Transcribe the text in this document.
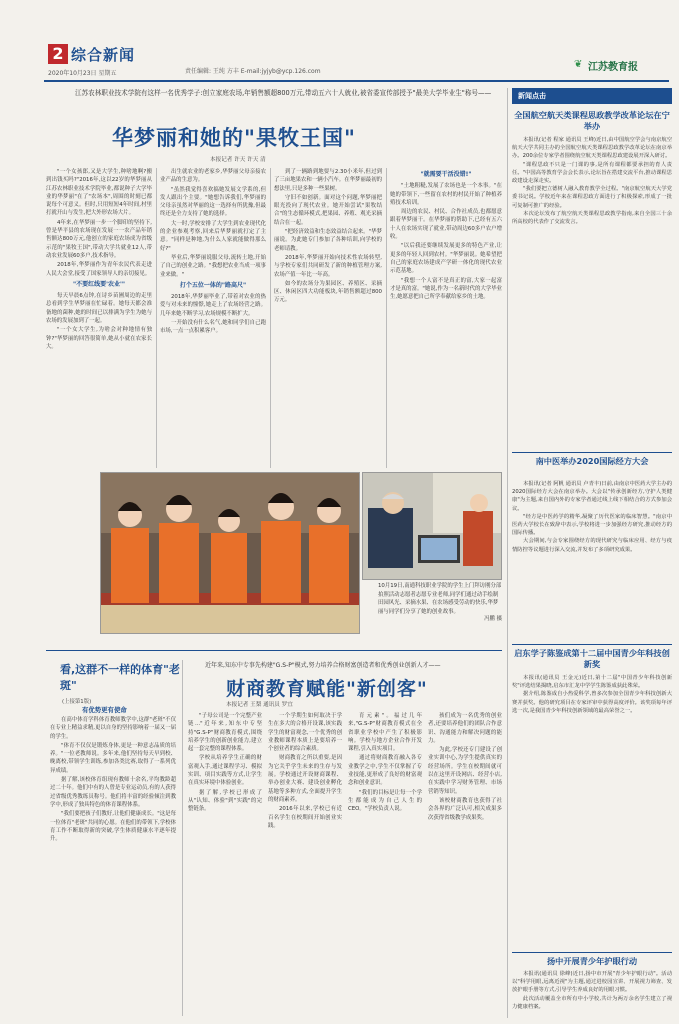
2 综合新闻
2020年10月23日 星期五	责任编辑: 王纯 方丰 E-mail:jyjyb@ycp.126.com
❦ 江苏教育报
江苏农林职业技术学院有这样一名优秀学子:创立家庭农场,年销售额超800万元,带动五六十人就业,被省委宣传部授予"最美大学毕业生"称号——
华梦丽和她的"果牧王国"
本报记者 许天 许天 清

"一个女孩郎,又是大学生,种啥地啊?搬到出钱买吗?"2016年,这以22岁的华梦丽从江苏农林职业技术学院毕业,都说种子大学毕业的华梦丽"在了"农场本",周围的时刻已都说每个可意义。但时,只用短短4年时间,村里打就开山与发生,把大外形农场大片。

4年来,在华梦丽一步一个脚印的坚持下,曾是华平县的农场现在发展一一农产品年销售额达800万元,他创立的家庭农场成为省级示范的"果牧王国",带动大学共就业12人,带动农业发展60多户,技术指导。

2018年,华梦丽作为青年农民代表走进人民大会堂,接受了国家领导人的亲切接见。

"不要红线要'农业'"

每天早晨6点钟,在诗乡苗圃周边的走里总看到学生华梦丽在忙碌着。她每天都会准备地的菌种,她的时间已以排满为学生为她与农场的发展加到了一起。

"一个女大学生,为啥会对种地情有独钟?"华梦丽的回答很简单,她从小就在农家长大。

出生就农业的老家乡,华梦丽父母亲接农业产品的生意为。

"虽然我觉得喜欢搞她发展文学系的,但发人跟出个主要。"她想告诉我们,华梦丽的父母亲虽然对华丽的这一选择有所犹豫,但最终还是全力支持了她的选择。

大一时,学校安排了大学生到农业现代化的企业参观考察,回来后华梦丽就打定了主意。"同样是种地,为什么人家就能做得那么好?"

毕业后,华梦丽说服父母,流转土地,开始了自己的创业之路。"我想把农业当成一项事业来做。"

打个五位一体的"路高尺"

2018年,华梦丽毕业了,带着对农业的热爱与对未来的憧憬,她走上了农场经营之路。几年来她不断学习,农场规模不断扩大。

一开始没有什么名气,她和同学们自己跑市场,一点一点积累客户。

到了一辆路到地要与2.30小米年,但过到了三亩地果农和一辆小汽车。在华梦丽最初的想法里,只是多种一些果树。

守旧不如创新。面对这个问题,华梦丽把眼光投向了现代农业。她开始尝试"果牧结合"的生态循环模式,把果园、养殖、观光采摘结合在一起。

"把经济效益和生态效益结合起来。"华梦丽说。为此她专门参加了各种培训,向学校的老师请教。

2018年,华梦丽开始向技术性农场转型,与学校专家们共同研发了新的种植管理方案,农场产值一年比一年高。

如今的农场分为果园区、养殖区、采摘区、休闲区四大功能板块,年销售额超过800万元。

"就需要干活没错!"

"土地粗糙,发展了农场也是一个本事。"在她的带领下,一些留在农村的村民开始了种植养殖技术培训。

周边的农民、村民、合作社成员,也都愿意跟着华梦丽干。在华梦丽的帮助下,已经有五六十人在农场实现了就业,带动周边60多户农户增收。

"以后我还要继续发展更多的特色产业,让更多的年轻人回到农村。"华梦丽说。她希望把自己的家庭农场建成产学研一体化的现代农业示范基地。

"我想一个人富不是真正的富,大家一起富才是真的富。"她说,作为一名新时代的大学毕业生,她愿意把自己所学奉献给家乡的土地。

10月19日,南通科技职业学院的学生上门拜访刚分部拍照活动志愿者志愿专业老师,同学们通过动手绘制田园风光、采摘水果、在农场感受劳动的快乐,华梦丽与同学们分享了她的创业故事。
冯鹏 摄
看,这群不一样的体育"老斑"
(上接第1版)
有优势更有使命

在高中体育学科体育教师教学中,这群"老斑"不仅在专业上精益求精,更以自身的坚持影响着一届又一届的学生。

"体育不仅仅是锻炼身体,更是一种意志品质的培养。"一位老教师说。多年来,他们坚持每天早到校、晚离校,带领学生训练,参加各类比赛,取得了一系列优异成绩。

据了解,该校体育组现有教师十余名,平均教龄超过二十年。他们中有的人曾是专业运动员,有的人获得过省级优秀教练员称号。他们将丰富的经验倾注到教学中,形成了独具特色的体育课程体系。

"我们要把孩子们教好,让他们健康成长。"这是每一位体育"老斑"共同的心愿。在他们的带领下,学校体育工作不断取得新的突破,学生体质健康水平逐年提升。

近年来,知东中专事先构建"G.S-P"模式,努力培养合格财富创造者和优秀创业创新人才——
财商教育赋能"新创客"
本报记者 王梨 通讯员 罗宜

"子母公司是一个完整产业链..."近年来,知东中专坚持"G.S-P"财商教育模式,围绕培养学生的创新创业能力,建立起一套完整的课程体系。

学校从培养学生正确的财富观入手,通过课程学习、模拟实训、项目实践等方式,让学生在真实环境中体验创业。

据了解,学校已形成了从"认知、体验"到"实践"的完整链条。

一个学期生如何取决于学生在多大的合格开设课,该实践学生的财富观念,一个优秀的创业教师课程本质上是要培养一个创业者的综合素质。

财商教育之所以重要,是因为它关乎学生未来的生存与发展。学校通过开设财商课程、举办创业大赛、建设创业孵化基地等多种方式,全面提升学生的财商素养。

2016年以来,学校已有近百名学生在校期间开始创业实践。

育元素"。福过几年来,"G.S-P"财商教育模式在全省职业学校中产生了积极影响。学校与地方企业合作开发课程,引入真实项目。

通过将财商教育融入各专业教学之中,学生不仅掌握了专业技能,更形成了良好的财富观念和创业意识。

"我们的目标是让每一个学生都能成为自己人生的CEO。"学校负责人说。

孩们成为一名优秀的创业者,还要培养他们的团队合作意识、沟通能力和解决问题的能力。

为此,学校还专门建设了创业实训中心,为学生提供真实的经营场所。学生在校期间就可以在这里开设网店、经营小店,在实践中学习财务管理、市场营销等知识。

该校财商教育也获得了社会各界的广泛认可,相关成果多次获得省级教学成果奖。

新闻点击
全国航空航天类课程思政教学改革论坛在宁举办

本报讯(记者 程家 通讯员 王峰)近日,由中国航空学会与南京航空航天大学共同主办的全国航空航天类课程思政教学改革论坛在南京举办。200余位专家学者围绕航空航天类课程思政建设展开深入研讨。

"课程思政不只是一门课的事,是所有课程都要承担的育人责任。"中国高等教育学会会长表示,论坛旨在搭建交流平台,推动课程思政建设走深走实。

"我们要把立德树人融入教育教学全过程。"南京航空航天大学党委书记说。学校近年来在课程思政方面进行了积极探索,形成了一批可复制可推广的经验。

本次论坛发布了航空航天类课程思政教学指南,来自全国三十余所高校的代表作了交流发言。

南中医举办2020国际经方大会

本报讯(记者 阿帆 通讯员 卢青丰)日前,由南京中医药大学主办的2020国际经方大会在南京举办。大会以"传承创新经方,守护人类健康"为主题,来自国内外的专家学者通过线上线下相结合的方式参加会议。

"经方是中医药学的精华,凝聚了历代医家的临床智慧。"南京中医药大学校长在致辞中表示,学校将进一步加强经方研究,推动经方的国际传播。

大会期间,与会专家围绕经方的现代研究与临床应用、经方与疫情防控等议题进行深入交流,并发布了多项研究成果。

启东学子陈鉴成第十二届中国青少年科技创新奖

本报讯(通讯员 王金元)近日,第十二届"中国青少年科技创新奖"评选结果揭晓,启东市汇龙中学学生陈鉴成获此殊荣。

据介绍,陈鉴成自小热爱科学,曾多次参加全国青少年科技创新大赛并获奖。他的研究项目在专家评审中获得高度评价。该奖项每年评选一次,是我国青少年科技创新领域的最高荣誉之一。

扬中开展青少年护眼行动

本报讯(通讯员 徐峰)近日,扬中市开展"青少年护眼行动"。活动以"科学用眼,远离近视"为主题,通过进校园宣讲、开展视力筛查、发放护眼手册等方式,引导学生养成良好的用眼习惯。

此次活动覆盖全市所有中小学校,共计为两万余名学生建立了视力健康档案。
